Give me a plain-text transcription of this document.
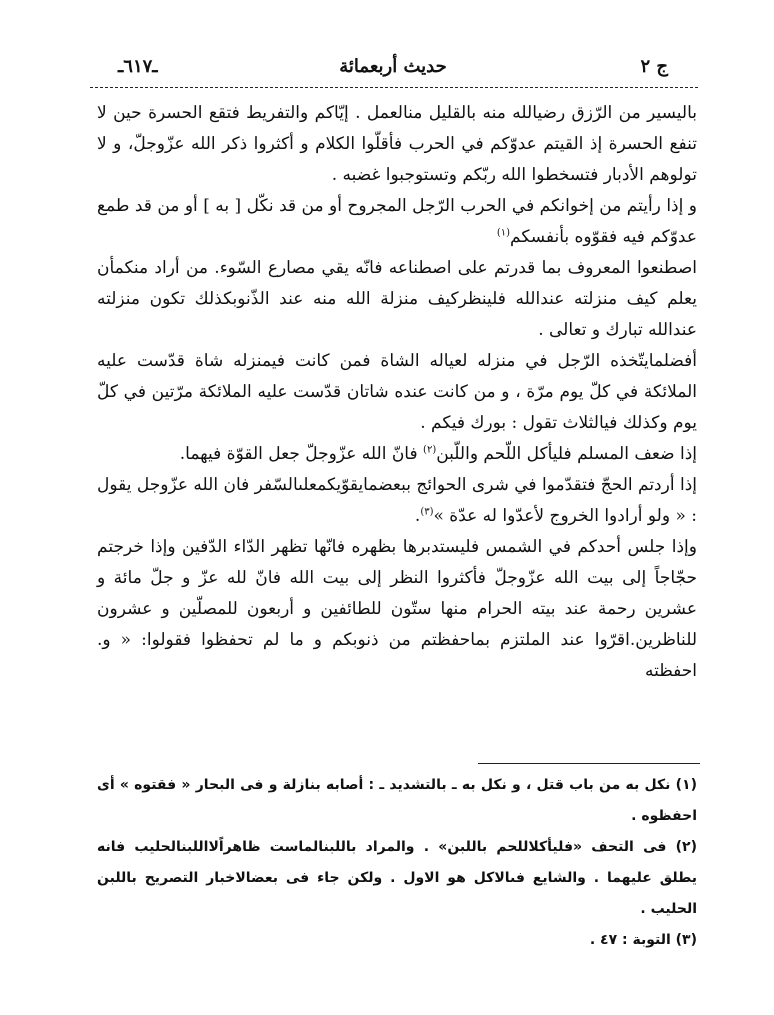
ج ٢
حديث أربعمائة
ـ٦١٧ـ

باليسير من الرّزق رضيالله منه بالقليل منالعمل . إيّاكم والتفريط فتقع الحسرة حين لا تنفع الحسرة إذ القيتم عدوّكم في الحرب فأقلّوا الكلام و أكثروا ذكر الله عزّوجلّ، و لا تولوهم الأدبار فتسخطوا الله ربّكم وتستوجبوا غضبه .

و إذا رأيتم من إخوانكم في الحرب الرّجل المجروح أو من قد نكّل [ به ] أو من قد طمع عدوّكم فيه فقوّوه بأنفسكم$^{(١)}$

اصطنعوا المعروف بما قدرتم على اصطناعه فانّه يقي مصارع السّوء. من أراد منكمأن يعلم كيف منزلته عندالله فلينظركيف منزلة الله منه عند الذّنوبكذلك تكون منزلته عندالله تبارك و تعالى .

أفضلمايتّخذه الرّجل في منزله لعياله الشاة فمن كانت فيمنزله شاة قدّست عليه الملائكة في كلّ يوم مرّة ، و من كانت عنده شاتان قدّست عليه الملائكة مرّتين في كلّ يوم وكذلك فيالثلاث تقول : بورك فيكم .

إذا ضعف المسلم فليأكل اللّحم واللّبن$^{(٢)}$ فانّ الله عزّوجلّ جعل القوّة فيهما.

إذا أردتم الحجّ فتقدّموا في شرى الحوائج ببعضمايقوّيكمعلىالسّفر فان الله عزّوجل يقول : « ولو أرادوا الخروج لأعدّوا له عدّة »$^{(٣)}$.

وإذا جلس أحدكم في الشمس فليستدبرها بظهره فانّها تظهر الدّاء الدّفين وإذا خرجتم حجّاجاً إلى بيت الله عزّوجلّ فأكثروا النظر إلى بيت الله فانّ لله عزّ و جلّ مائة و عشرين رحمة عند بيته الحرام منها ستّون للطائفين و أربعون للمصلّين و عشرون للناظرين.اقرّوا عند الملتزم بماحفظتم من ذنوبكم و ما لم تحفظوا فقولوا: « و. احفظته

(١) نكل به من باب قتل ، و نكل به ـ بالتشديد ـ : أصابه بنازلة و فى البحار « فقتوه » أى احفظوه .

(٢) فى التحف «فليأكلاللحم باللبن» . والمراد باللبنالماست ظاهراًلااللبنالحليب فانه يطلق عليهما . والشايع فىالاكل هو الاول . ولكن جاء فى بعضالاخبار التصريح باللبن الحليب .

(٣) التوبة : ٤٧ .
